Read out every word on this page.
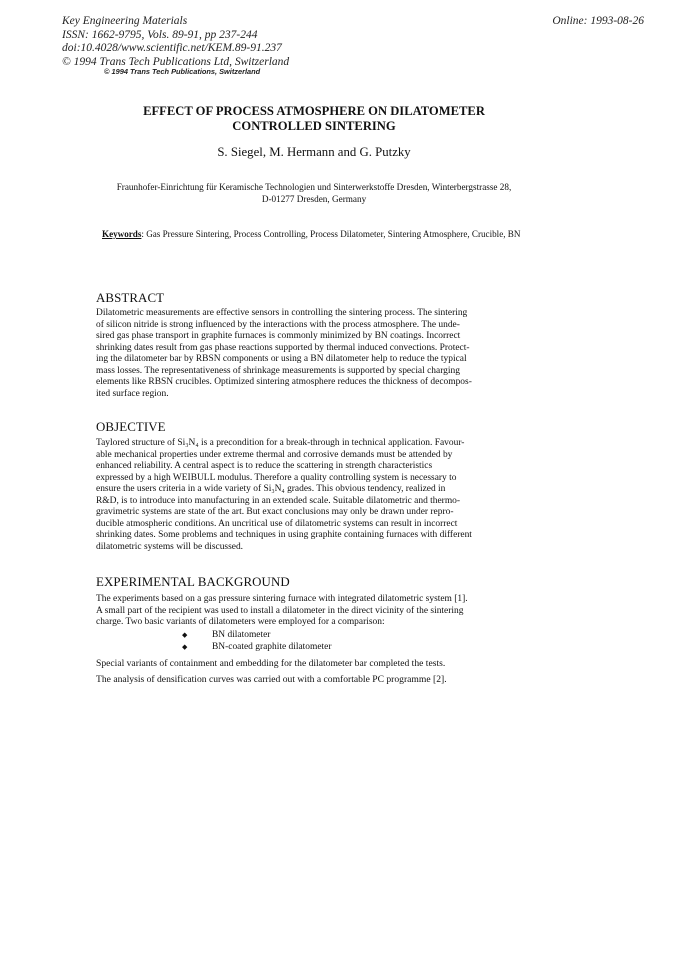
Key Engineering Materials
ISSN: 1662-9795, Vols. 89-91, pp 237-244
doi:10.4028/www.scientific.net/KEM.89-91.237
© 1994 Trans Tech Publications Ltd, Switzerland
Online: 1993-08-26
© 1994 Trans Tech Publications, Switzerland
EFFECT OF PROCESS ATMOSPHERE ON DILATOMETER
CONTROLLED SINTERING
S. Siegel, M. Hermann and G. Putzky
Fraunhofer-Einrichtung für Keramische Technologien und Sinterwerkstoffe Dresden, Winterbergstrasse 28,
D-01277 Dresden, Germany
Keywords: Gas Pressure Sintering, Process Controlling, Process Dilatometer, Sintering Atmosphere, Crucible, BN
ABSTRACT
Dilatometric measurements are effective sensors in controlling the sintering process. The sintering
of silicon nitride is strong influenced by the interactions with the process atmosphere. The unde-
sired gas phase transport in graphite furnaces is commonly minimized by BN coatings. Incorrect
shrinking dates result from gas phase reactions supported by thermal induced convections. Protect-
ing the dilatometer bar by RBSN components or using a BN dilatometer help to reduce the typical
mass losses. The representativeness of shrinkage measurements is supported by special charging
elements like RBSN crucibles. Optimized sintering atmosphere reduces the thickness of decompos-
ited surface region.
OBJECTIVE
Taylored structure of Si₃N₄ is a precondition for a break-through in technical application. Favour-
able mechanical properties under extreme thermal and corrosive demands must be attended by
enhanced reliability. A central aspect is to reduce the scattering in strength characteristics
expressed by a high WEIBULL modulus. Therefore a quality controlling system is necessary to
ensure the users criteria in a wide variety of Si₃N₄ grades. This obvious tendency, realized in
R&D, is to introduce into manufacturing in an extended scale. Suitable dilatometric and thermo-
gravimetric systems are state of the art. But exact conclusions may only be drawn under repro-
ducible atmospheric conditions. An uncritical use of dilatometric systems can result in incorrect
shrinking dates. Some problems and techniques in using graphite containing furnaces with different
dilatometric systems will be discussed.
EXPERIMENTAL BACKGROUND
The experiments based on a gas pressure sintering furnace with integrated dilatometric system [1].
A small part of the recipient was used to install a dilatometer in the direct vicinity of the sintering
charge. Two basic variants of dilatometers were employed for a comparison:
◆	BN dilatometer
◆	BN-coated graphite dilatometer
Special variants of containment and embedding for the dilatometer bar completed the tests.
The analysis of densification curves was carried out with a comfortable PC programme [2].
